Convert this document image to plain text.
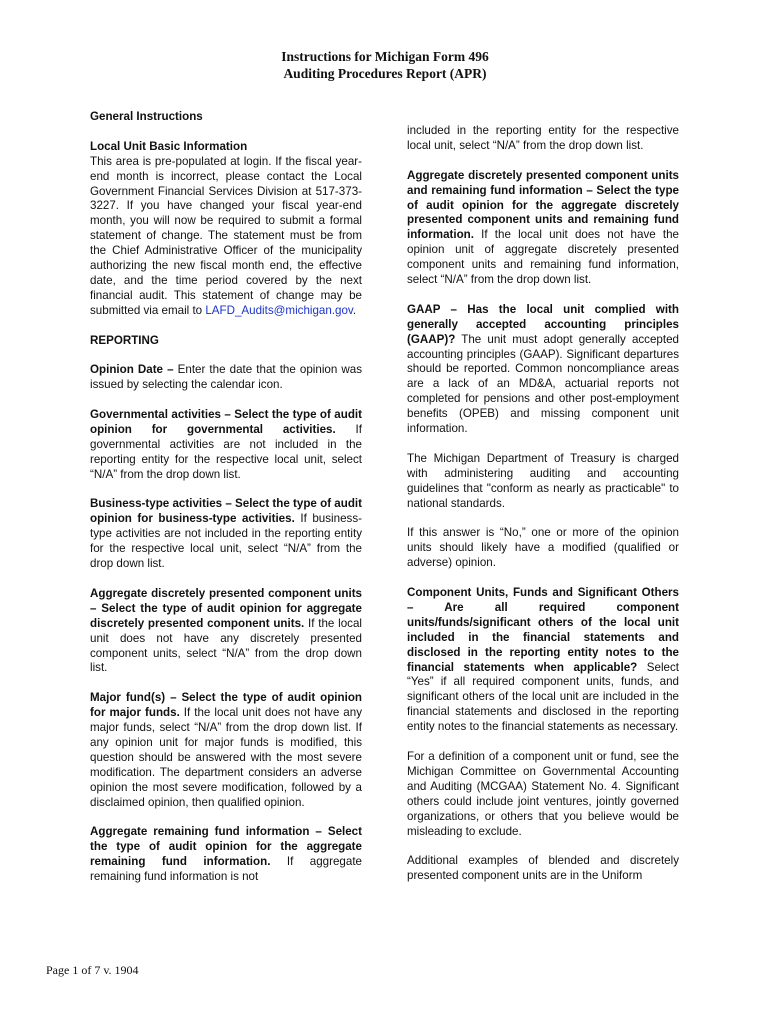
Instructions for Michigan Form 496
Auditing Procedures Report (APR)

General Instructions

Local Unit Basic Information
This area is pre-populated at login. If the fiscal year-end month is incorrect, please contact the Local Government Financial Services Division at 517-373-3227. If you have changed your fiscal year-end month, you will now be required to submit a formal statement of change. The statement must be from the Chief Administrative Officer of the municipality authorizing the new fiscal month end, the effective date, and the time period covered by the next financial audit. This statement of change may be submitted via email to LAFD_Audits@michigan.gov.

REPORTING

Opinion Date – Enter the date that the opinion was issued by selecting the calendar icon.

Governmental activities – Select the type of audit opinion for governmental activities. If governmental activities are not included in the reporting entity for the respective local unit, select “N/A” from the drop down list.

Business-type activities – Select the type of audit opinion for business-type activities. If business-type activities are not included in the reporting entity for the respective local unit, select “N/A” from the drop down list.

Aggregate discretely presented component units – Select the type of audit opinion for aggregate discretely presented component units. If the local unit does not have any discretely presented component units, select “N/A” from the drop down list.

Major fund(s) – Select the type of audit opinion for major funds. If the local unit does not have any major funds, select “N/A” from the drop down list. If any opinion unit for major funds is modified, this question should be answered with the most severe modification. The department considers an adverse opinion the most severe modification, followed by a disclaimed opinion, then qualified opinion.

Aggregate remaining fund information – Select the type of audit opinion for the aggregate remaining fund information. If aggregate remaining fund information is not

included in the reporting entity for the respective local unit, select “N/A” from the drop down list.

Aggregate discretely presented component units and remaining fund information – Select the type of audit opinion for the aggregate discretely presented component units and remaining fund information. If the local unit does not have the opinion unit of aggregate discretely presented component units and remaining fund information, select “N/A” from the drop down list.

GAAP – Has the local unit complied with generally accepted accounting principles (GAAP)? The unit must adopt generally accepted accounting principles (GAAP). Significant departures should be reported. Common noncompliance areas are a lack of an MD&A, actuarial reports not completed for pensions and other post-employment benefits (OPEB) and missing component unit information.

The Michigan Department of Treasury is charged with administering auditing and accounting guidelines that "conform as nearly as practicable" to national standards.

If this answer is “No,” one or more of the opinion units should likely have a modified (qualified or adverse) opinion.

Component Units, Funds and Significant Others – Are all required component units/funds/significant others of the local unit included in the financial statements and disclosed in the reporting entity notes to the financial statements when applicable? Select “Yes” if all required component units, funds, and significant others of the local unit are included in the financial statements and disclosed in the reporting entity notes to the financial statements as necessary.

For a definition of a component unit or fund, see the Michigan Committee on Governmental Accounting and Auditing (MCGAA) Statement No. 4. Significant others could include joint ventures, jointly governed organizations, or others that you believe would be misleading to exclude.

Additional examples of blended and discretely presented component units are in the Uniform

Page 1 of 7 v. 1904
